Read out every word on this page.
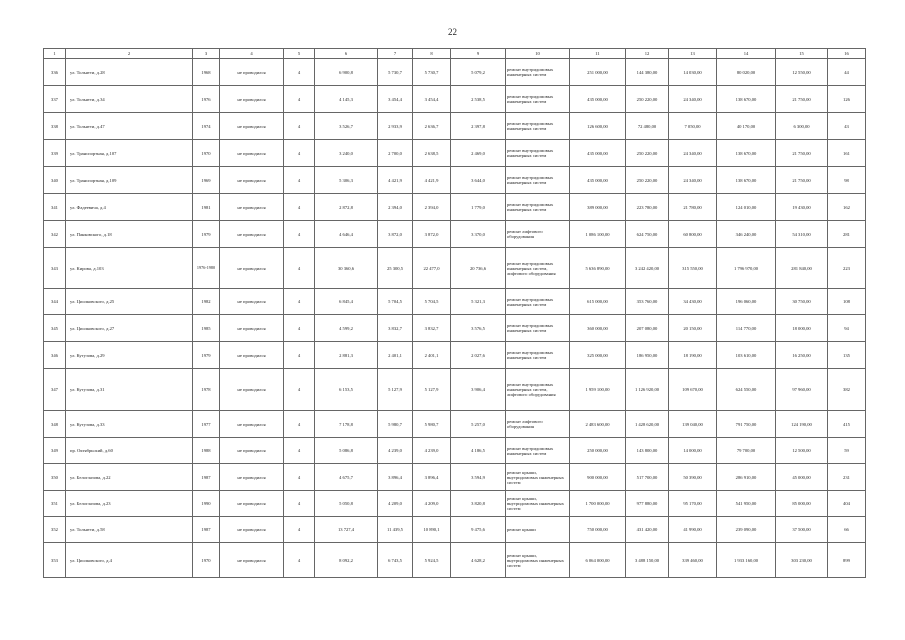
22
1	2	3	4	5	6	7	8	9	10	11	12	13	14	15	16
336	ул. Тольятти, д.28	1968	не проводился	4	6 900,8	5 730,7	5 730,7	5 079,2	ремонт внутридомовых инженерных систем	251 000,00	144 380,00	14 030,00	80 020,00	12 550,00	44
337	ул. Тольятти, д.34	1976	не проводился	4	4 145,3	3 454,4	3 454,4	2 538,5	ремонт внутридомовых инженерных систем	435 000,00	250 220,00	24 340,00	138 670,00	21 750,00	126
338	ул. Тольятти, д.47	1974	не проводился	4	3 526,7	2 933,9	2 636,7	2 397,8	ремонт внутридомовых инженерных систем	126 600,00	72 480,00	7 050,00	40 170,00	6 300,00	43
339	ул. Транспортная, д.107	1970	не проводился	4	3 240,0	2 700,0	2 638,5	2 469,0	ремонт внутридомовых инженерных систем	435 000,00	250 220,00	24 340,00	138 670,00	21 750,00	161
340	ул. Транспортная, д.109	1969	не проводился	4	5 306,3	4 421,9	4 421,9	3 644,0	ремонт внутридомовых инженерных систем	435 000,00	250 220,00	24 340,00	138 670,00	21 750,00	98
341	ул. Фадеевича, д.4	1981	не проводился	4	2 872,8	2 394,0	2 394,0	1 779,0	ремонт внутридомовых инженерных систем	389 000,00	223 780,00	21 780,00	124 010,00	19 430,00	162
342	ул. Панковского, д.18	1979	не проводился	4	4 646,4	3 872,0	3 872,0	3 370,0	ремонт лифтового оборудования	1 086 100,00	624 750,00	60 800,00	346 240,00	54 310,00	281
343	ул. Кирова, д.103	1976-1980	не проводился	4	30 360,6	25 300,5	22 477,0	20 736,6	ремонт внутридомовых инженерных систем, лифтового оборудования	5 636 890,00	3 242 420,00	315 550,00	1 796 970,00	281 840,00	223
344	ул. Циолковского, д.25	1982	не проводился	4	6 845,4	5 704,5	5 704,5	5 321,3	ремонт внутридомовых инженерных систем	615 000,00	353 760,00	34 430,00	196 060,00	30 750,00	108
345	ул. Циолковского, д.27	1985	не проводился	4	4 599,2	3 832,7	3 832,7	3 576,5	ремонт внутридомовых инженерных систем	360 000,00	207 080,00	20 150,00	114 770,00	18 000,00	94
346	ул. Кутузова, д.29	1979	не проводился	4	2 881,3	2 401,1	2 401,1	2 027,6	ремонт внутридомовых инженерных систем	325 000,00	186 950,00	18 190,00	103 610,00	16 250,00	135
347	ул. Кутузова, д.31	1978	не проводился	4	6 153,5	5 127,9	5 127,9	3 906,4	ремонт внутридомовых инженерных систем, лифтового оборудования	1 959 100,00	1 126 920,00	109 670,00	624 550,00	97 960,00	382
348	ул. Кутузова, д.33	1977	не проводился	4	7 178,8	5 980,7	5 980,7	5 257,0	ремонт лифтового оборудования	2 483 600,00	1 428 620,00	139 040,00	791 750,00	124 190,00	415
349	пр. Октябрьский, д.60	1988	не проводился	4	5 086,8	4 239,0	4 239,0	4 186,5	ремонт внутридомовых инженерных систем	250 000,00	143 800,00	14 000,00	79 700,00	12 500,00	59
350	ул. Белоглазова, д.22	1987	не проводился	4	4 675,7	3 896,4	3 896,4	3 594,9	ремонт крыши, внутридомовых инженерных систем	900 000,00	517 700,00	50 390,00	286 910,00	45 000,00	231
351	ул. Белоглазова, д.23	1990	не проводился	4	5 050,8	4 209,0	4 209,0	3 820,8	ремонт крыши, внутридомовых инженерных систем	1 700 000,00	977 880,00	95 170,00	541 950,00	85 000,00	404
352	ул. Тольятти, д.58	1987	не проводился	4	13 727,4	11 439,5	10 890,1	9 475,6	ремонт крыши	750 000,00	431 420,00	41 990,00	239 090,00	37 500,00	66
353	ул. Циолковского, д.4	1970	не проводился	4	8 092,2	6 743,5	5 924,5	4 628,2	ремонт крыши, внутридомовых инженерных систем	6 064 000,00	3 488 150,00	339 460,00	1 933 160,00	303 230,00	899
